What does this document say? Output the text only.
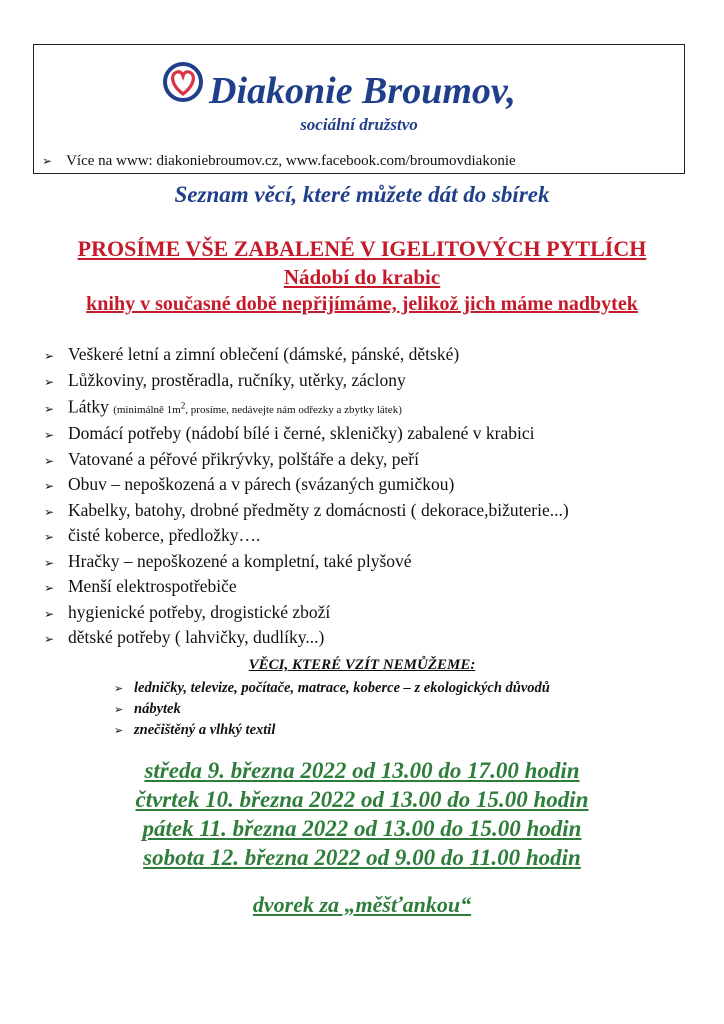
Diakonie Broumov,
sociální družstvo
➢ Více na www: diakoniebroumov.cz, www.facebook.com/broumovdiakonie
Seznam věcí, které můžete dát do sbírek
PROSÍME VŠE ZABALENÉ V IGELITOVÝCH PYTLÍCH
Nádobí do krabic
knihy v současné době nepřijímáme, jelikož jich máme nadbytek
➢ Veškeré letní a zimní oblečení (dámské, pánské, dětské)
➢ Lůžkoviny, prostěradla, ručníky, utěrky, záclony
➢ Látky (minimálně $1m^2$, prosíme, nedávejte nám odřezky a zbytky látek)
➢ Domácí potřeby (nádobí bílé i černé, skleničky) zabalené v krabici
➢ Vatované a péřové přikrývky, polštáře a deky, peří
➢ Obuv – nepoškozená a v párech (svázaných gumičkou)
➢ Kabelky, batohy, drobné předměty z domácnosti ( dekorace,bižuterie...)
➢ čisté koberce, předložky….
➢ Hračky – nepoškozené a kompletní, také plyšové
➢ Menší elektrospotřebiče
➢ hygienické potřeby, drogistické zboží
➢ dětské potřeby ( lahvičky, dudlíky...)
VĚCI, KTERÉ VZÍT NEMŮŽEME:
➢ ledničky, televize, počítače, matrace, koberce – z ekologických důvodů
➢ nábytek
➢ znečištěný a vlhký textil
středa 9. března 2022 od 13.00 do 17.00 hodin
čtvrtek 10. března 2022 od 13.00 do 15.00 hodin
pátek 11. března 2022 od 13.00 do 15.00 hodin
sobota 12. března 2022 od 9.00 do 11.00 hodin
dvorek za „měšťankou“
